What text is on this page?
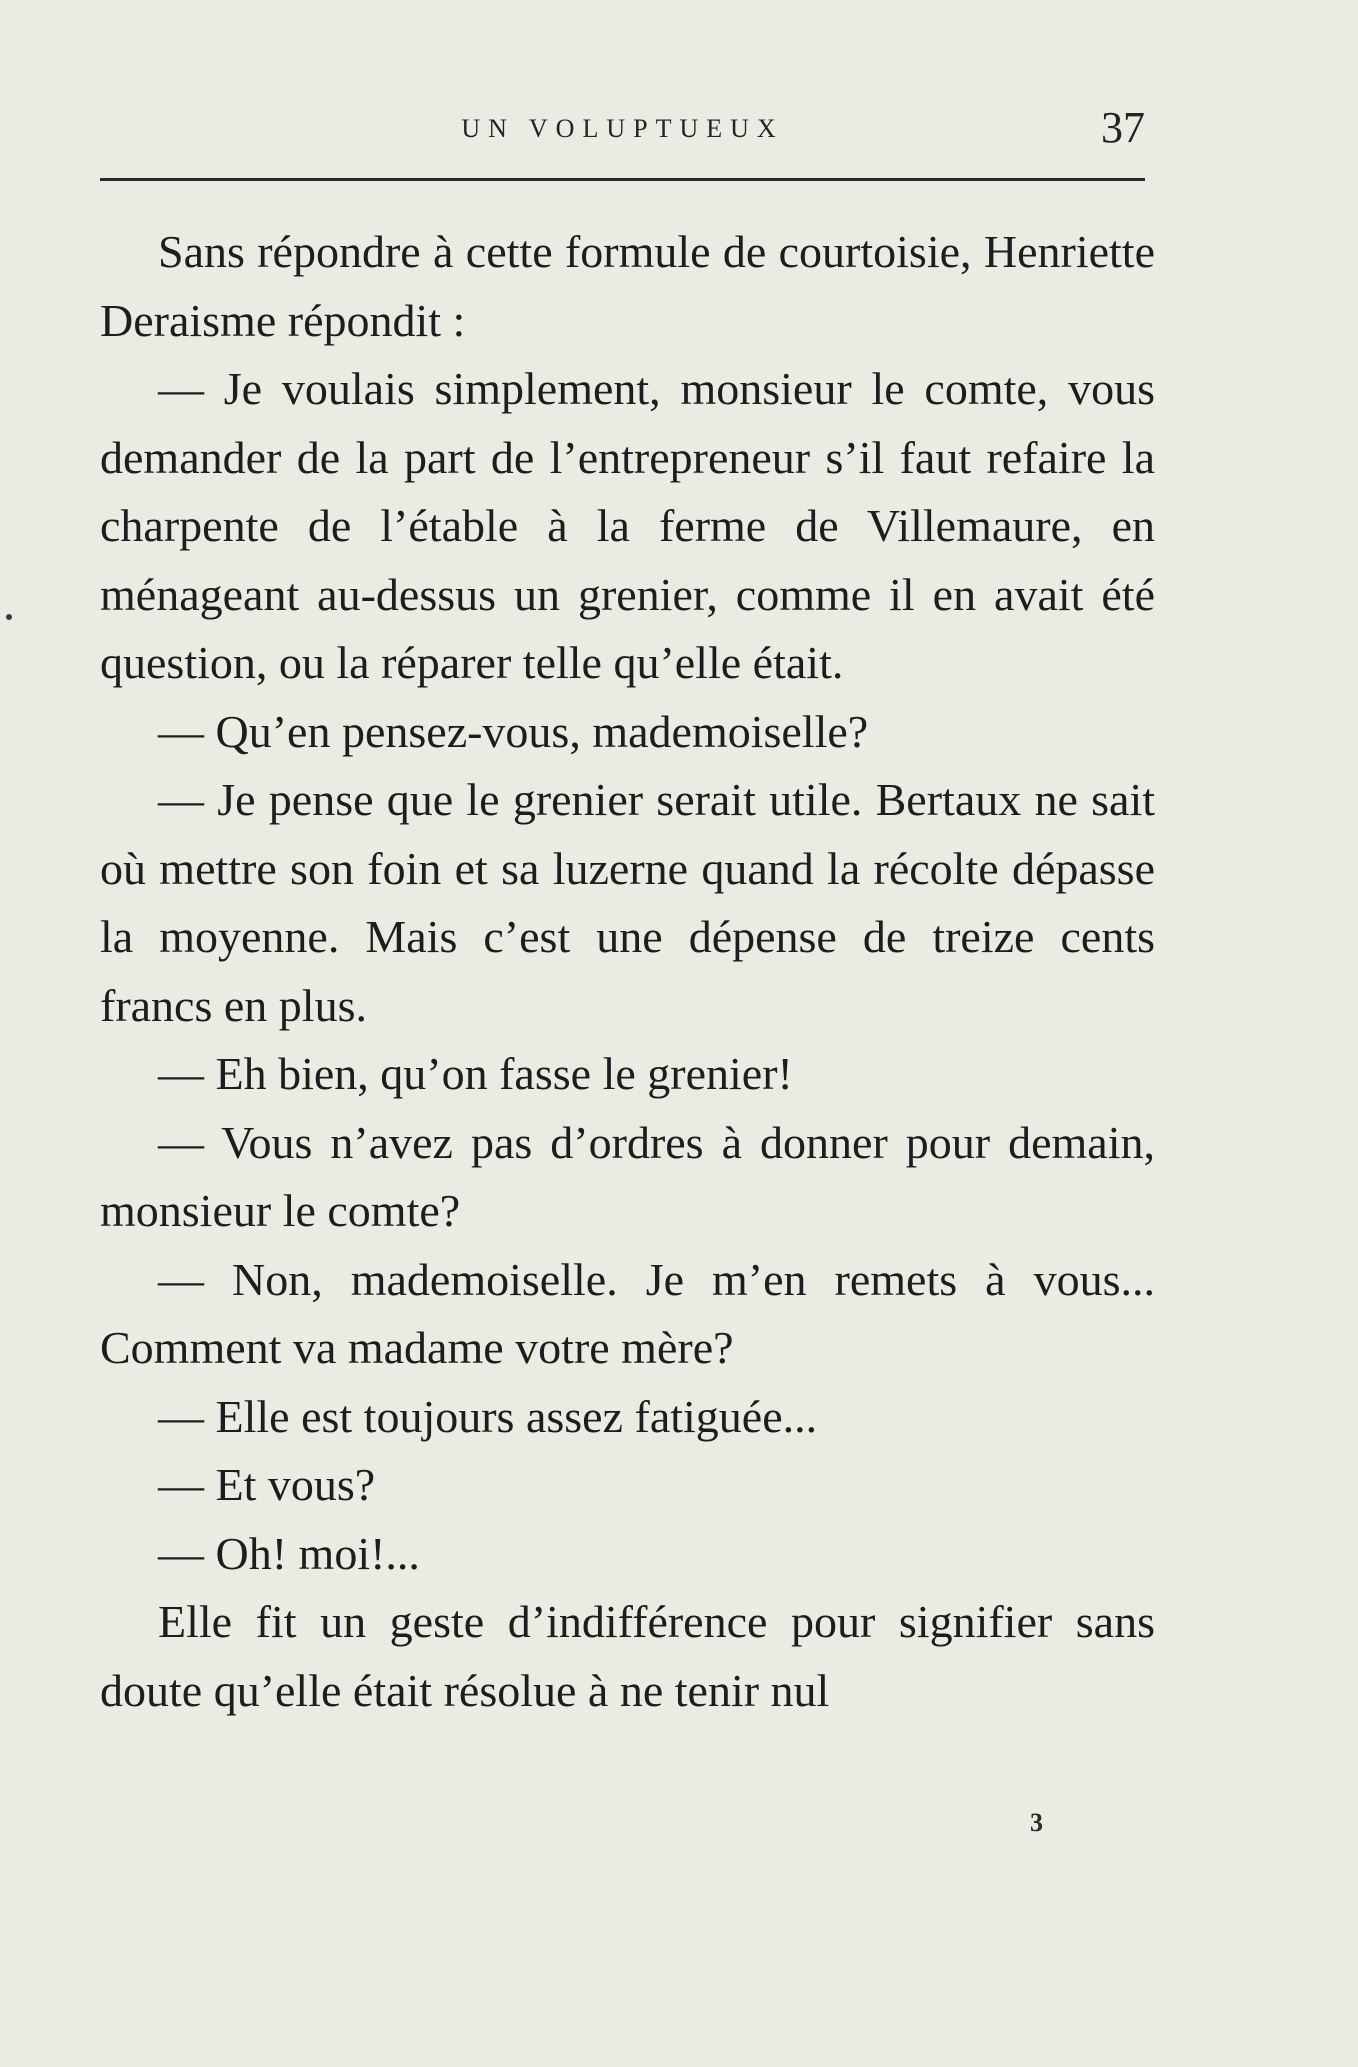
UN VOLUPTUEUX	37

Sans répondre à cette formule de courtoisie, Henriette Deraisme répondit :

— Je voulais simplement, monsieur le comte, vous demander de la part de l’entrepreneur s’il faut refaire la charpente de l’étable à la ferme de Villemaure, en ménageant au-dessus un grenier, comme il en avait été question, ou la réparer telle qu’elle était.

— Qu’en pensez-vous, mademoiselle?

— Je pense que le grenier serait utile. Bertaux ne sait où mettre son foin et sa luzerne quand la récolte dépasse la moyenne. Mais c’est une dépense de treize cents francs en plus.

— Eh bien, qu’on fasse le grenier!

— Vous n’avez pas d’ordres à donner pour demain, monsieur le comte?

— Non, mademoiselle. Je m’en remets à vous... Comment va madame votre mère?

— Elle est toujours assez fatiguée...

— Et vous?

— Oh! moi!...

Elle fit un geste d’indifférence pour signifier sans doute qu’elle était résolue à ne tenir nul

3
